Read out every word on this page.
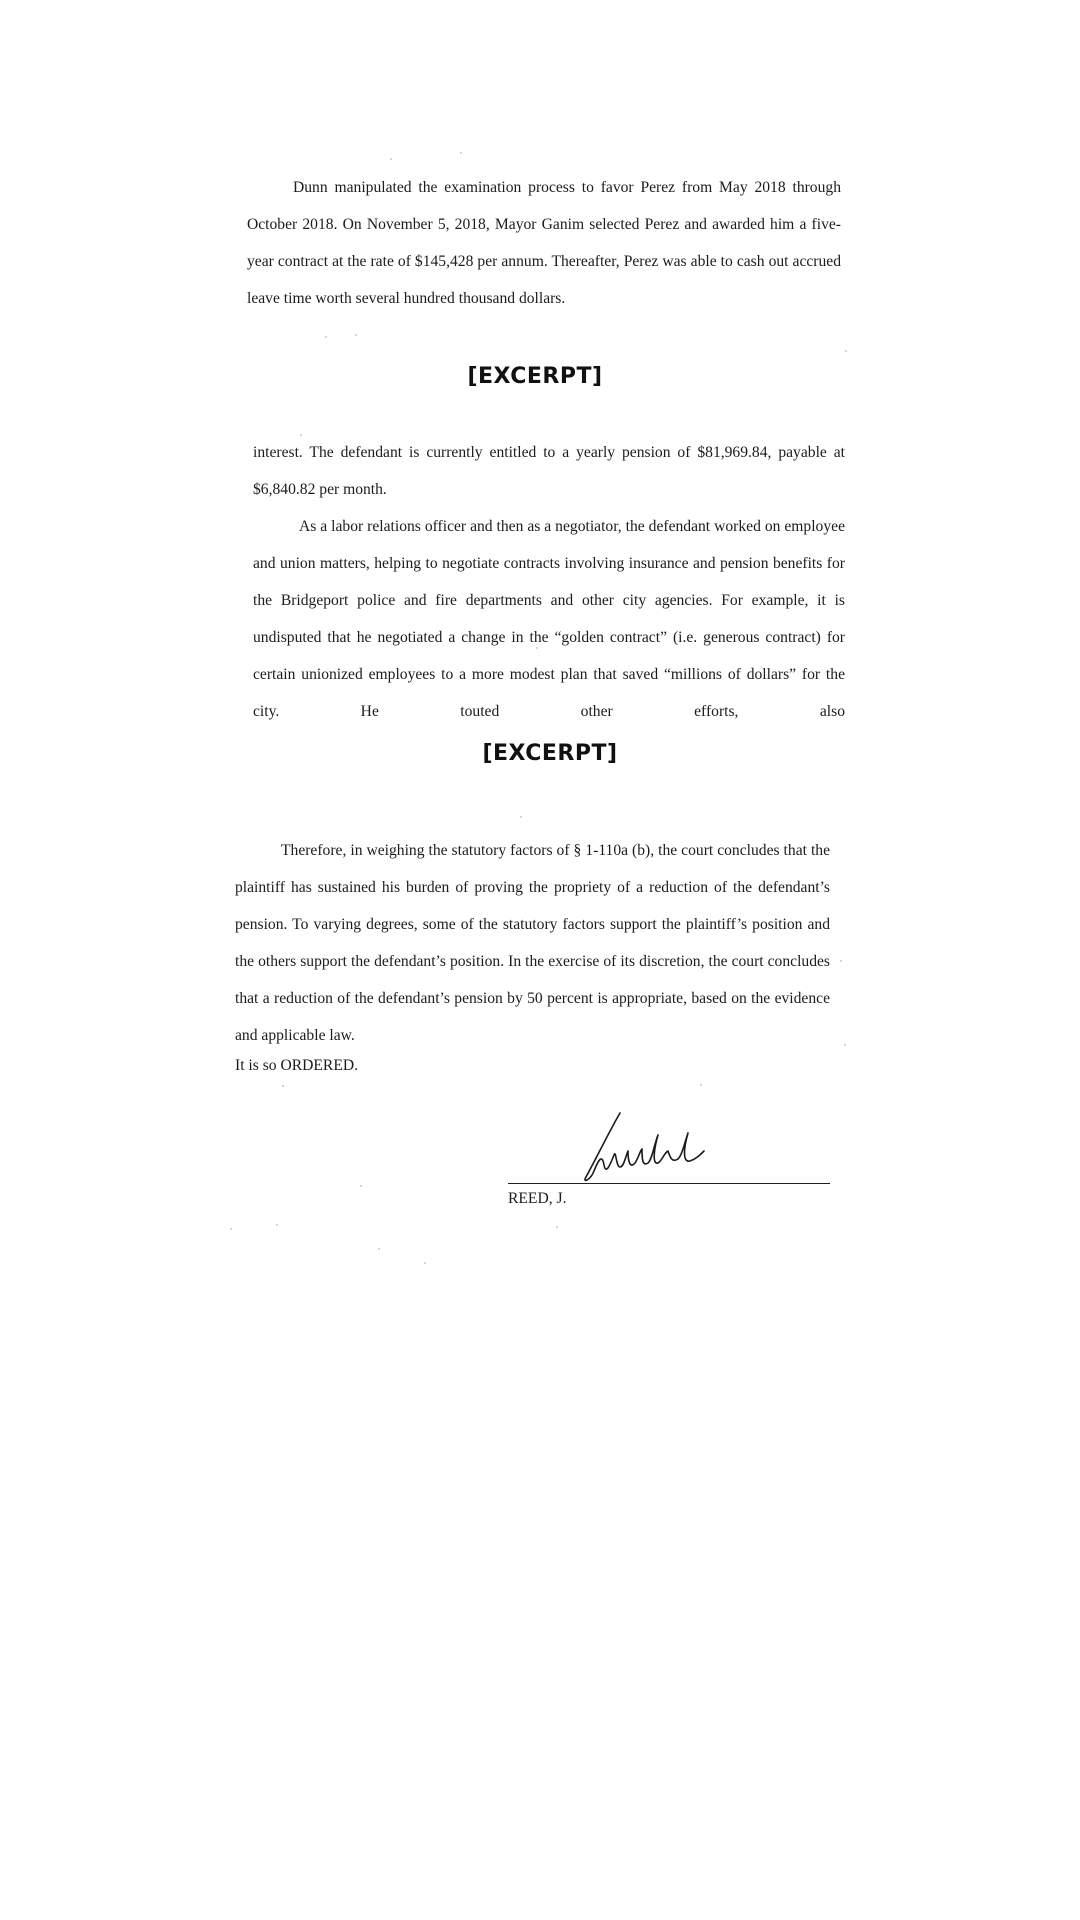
Dunn manipulated the examination process to favor Perez from May 2018 through October 2018. On November 5, 2018, Mayor Ganim selected Perez and awarded him a five-year contract at the rate of $145,428 per annum. Thereafter, Perez was able to cash out accrued leave time worth several hundred thousand dollars.

[EXCERPT]

interest. The defendant is currently entitled to a yearly pension of $81,969.84, payable at $6,840.82 per month.

As a labor relations officer and then as a negotiator, the defendant worked on employee and union matters, helping to negotiate contracts involving insurance and pension benefits for the Bridgeport police and fire departments and other city agencies. For example, it is undisputed that he negotiated a change in the “golden contract” (i.e. generous contract) for certain unionized employees to a more modest plan that saved “millions of dollars” for the city. He touted other efforts, also

[EXCERPT]

Therefore, in weighing the statutory factors of § 1-110a (b), the court concludes that the plaintiff has sustained his burden of proving the propriety of a reduction of the defendant’s pension. To varying degrees, some of the statutory factors support the plaintiff’s position and the others support the defendant’s position. In the exercise of its discretion, the court concludes that a reduction of the defendant’s pension by 50 percent is appropriate, based on the evidence and applicable law.

It is so ORDERED.
REED, J.
